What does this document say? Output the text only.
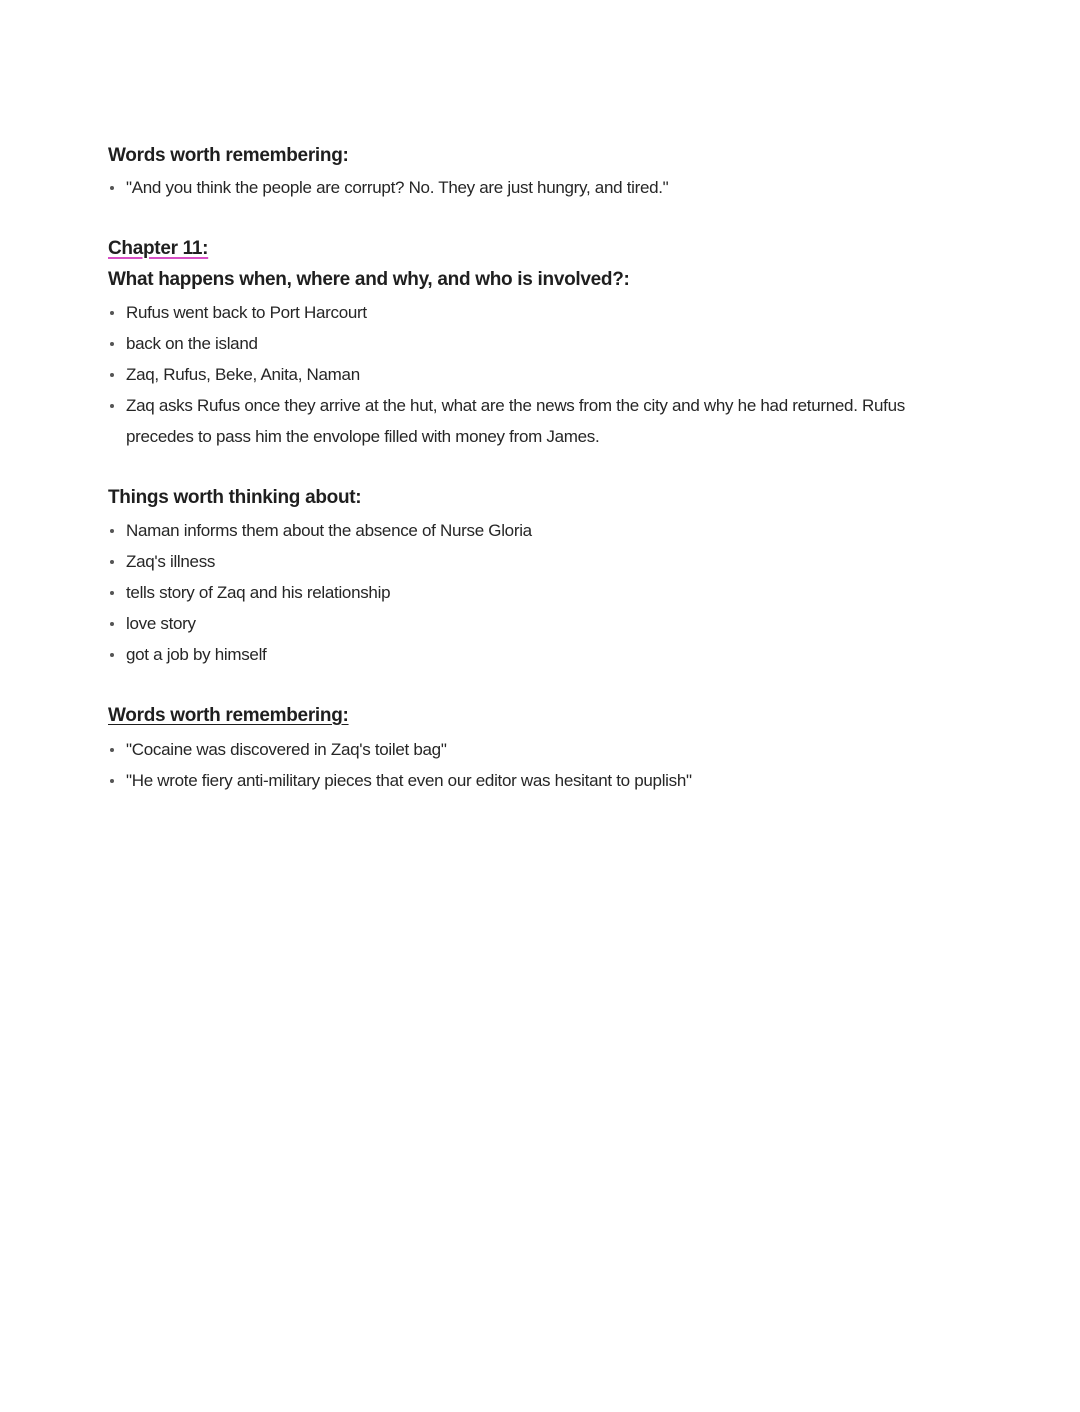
Words worth remembering:
"And you think the people are corrupt? No. They are just hungry, and tired."
Chapter 11:
What happens when, where and why, and who is involved?:
Rufus went back to Port Harcourt
back on the island
Zaq, Rufus, Beke, Anita, Naman
Zaq asks Rufus once they arrive at the hut, what are the news from the city and why he had returned. Rufus precedes to pass him the envolope filled with money from James.
Things worth thinking about:
Naman informs them about the absence of Nurse Gloria
Zaq's illness
tells story of Zaq and his relationship
love story
got a job by himself
Words worth remembering:
"Cocaine was discovered in Zaq's toilet bag"
"He wrote fiery anti-military pieces that even our editor was hesitant to puplish"
